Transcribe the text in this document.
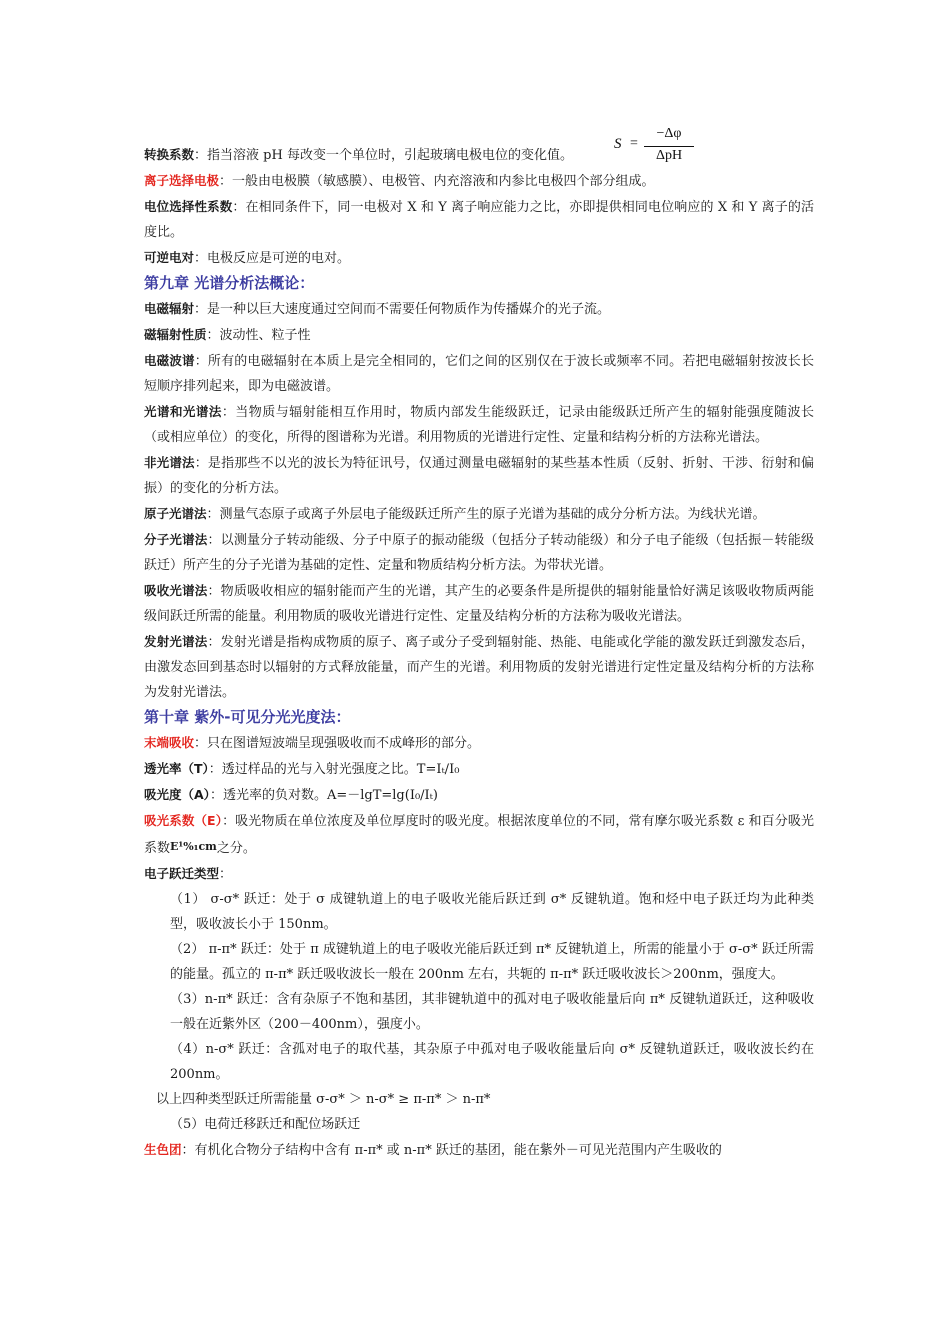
S =
−Δφ
ΔpH

转换系数：指当溶液 pH 每改变一个单位时，引起玻璃电极电位的变化值。

离子选择电极：一般由电极膜（敏感膜）、电极管、内充溶液和内参比电极四个部分组成。

电位选择性系数：在相同条件下，同一电极对 X 和 Y 离子响应能力之比，亦即提供相同电位响应的 X 和 Y 离子的活度比。

可逆电对：电极反应是可逆的电对。

第九章 光谱分析法概论：

电磁辐射：是一种以巨大速度通过空间而不需要任何物质作为传播媒介的光子流。

磁辐射性质：波动性、粒子性

电磁波谱：所有的电磁辐射在本质上是完全相同的，它们之间的区别仅在于波长或频率不同。若把电磁辐射按波长长短顺序排列起来，即为电磁波谱。

光谱和光谱法：当物质与辐射能相互作用时，物质内部发生能级跃迁，记录由能级跃迁所产生的辐射能强度随波长（或相应单位）的变化，所得的图谱称为光谱。利用物质的光谱进行定性、定量和结构分析的方法称光谱法。

非光谱法：是指那些不以光的波长为特征讯号，仅通过测量电磁辐射的某些基本性质（反射、折射、干涉、衍射和偏振）的变化的分析方法。

原子光谱法：测量气态原子或离子外层电子能级跃迁所产生的原子光谱为基础的成分分析方法。为线状光谱。

分子光谱法：以测量分子转动能级、分子中原子的振动能级（包括分子转动能级）和分子电子能级（包括振－转能级跃迁）所产生的分子光谱为基础的定性、定量和物质结构分析方法。为带状光谱。

吸收光谱法：物质吸收相应的辐射能而产生的光谱，其产生的必要条件是所提供的辐射能量恰好满足该吸收物质两能级间跃迁所需的能量。利用物质的吸收光谱进行定性、定量及结构分析的方法称为吸收光谱法。

发射光谱法：发射光谱是指构成物质的原子、离子或分子受到辐射能、热能、电能或化学能的激发跃迁到激发态后，由激发态回到基态时以辐射的方式释放能量，而产生的光谱。利用物质的发射光谱进行定性定量及结构分析的方法称为发射光谱法。

第十章 紫外-可见分光光度法：

末端吸收：只在图谱短波端呈现强吸收而不成峰形的部分。

透光率（T）：透过样品的光与入射光强度之比。T=Iₜ/I₀

吸光度（A）：透光率的负对数。A=－lgT=lg(I₀/Iₜ)

吸光系数（E）：吸光物质在单位浓度及单位厚度时的吸光度。根据浓度单位的不同，常有摩尔吸光系数 ε 和百分吸光系数E¹%₁cm之分。

电子跃迁类型：

（1） σ-σ* 跃迁：处于 σ 成键轨道上的电子吸收光能后跃迁到 σ* 反键轨道。饱和烃中电子跃迁均为此种类型，吸收波长小于 150nm。

（2） π-π* 跃迁：处于 π 成键轨道上的电子吸收光能后跃迁到 π* 反键轨道上，所需的能量小于 σ-σ* 跃迁所需的能量。孤立的 π-π* 跃迁吸收波长一般在 200nm 左右，共轭的 π-π* 跃迁吸收波长＞200nm，强度大。

（3）n-π* 跃迁：含有杂原子不饱和基团，其非键轨道中的孤对电子吸收能量后向 π* 反键轨道跃迁，这种吸收一般在近紫外区（200－400nm），强度小。

（4）n-σ* 跃迁：含孤对电子的取代基，其杂原子中孤对电子吸收能量后向 σ* 反键轨道跃迁，吸收波长约在 200nm。

以上四种类型跃迁所需能量 σ-σ* ＞ n-σ* ≥ π-π* ＞ n-π*

（5）电荷迁移跃迁和配位场跃迁

生色团：有机化合物分子结构中含有 π-π* 或 n-π* 跃迁的基团，能在紫外－可见光范围内产生吸收的
